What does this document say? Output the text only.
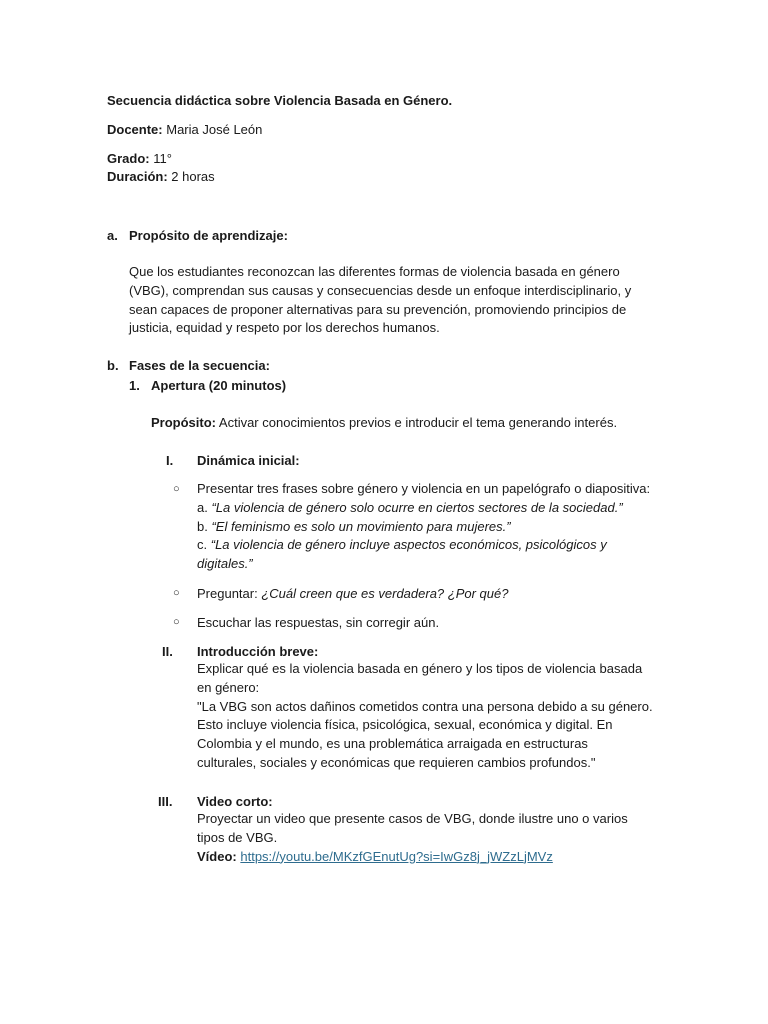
Secuencia didáctica sobre Violencia Basada en Género.
Docente: Maria José León
Grado: 11°
Duración: 2 horas
a. Propósito de aprendizaje:
Que los estudiantes reconozcan las diferentes formas de violencia basada en género
(VBG), comprendan sus causas y consecuencias desde un enfoque interdisciplinario, y
sean capaces de proponer alternativas para su prevención, promoviendo principios de
justicia, equidad y respeto por los derechos humanos.
b. Fases de la secuencia:
1. Apertura (20 minutos)
Propósito: Activar conocimientos previos e introducir el tema generando interés.
I. Dinámica inicial:
○ Presentar tres frases sobre género y violencia en un papelógrafo o diapositiva:
a. “La violencia de género solo ocurre en ciertos sectores de la sociedad.”
b. “El feminismo es solo un movimiento para mujeres.”
c. “La violencia de género incluye aspectos económicos, psicológicos y
digitales.”
○ Preguntar: ¿Cuál creen que es verdadera? ¿Por qué?
○ Escuchar las respuestas, sin corregir aún.
II. Introducción breve:
Explicar qué es la violencia basada en género y los tipos de violencia basada
en género:
"La VBG son actos dañinos cometidos contra una persona debido a su género.
Esto incluye violencia física, psicológica, sexual, económica y digital. En
Colombia y el mundo, es una problemática arraigada en estructuras
culturales, sociales y económicas que requieren cambios profundos."
III. Video corto:
Proyectar un video que presente casos de VBG, donde ilustre uno o varios
tipos de VBG.
Vídeo: https://youtu.be/MKzfGEnutUg?si=IwGz8j_jWZzLjMVz
